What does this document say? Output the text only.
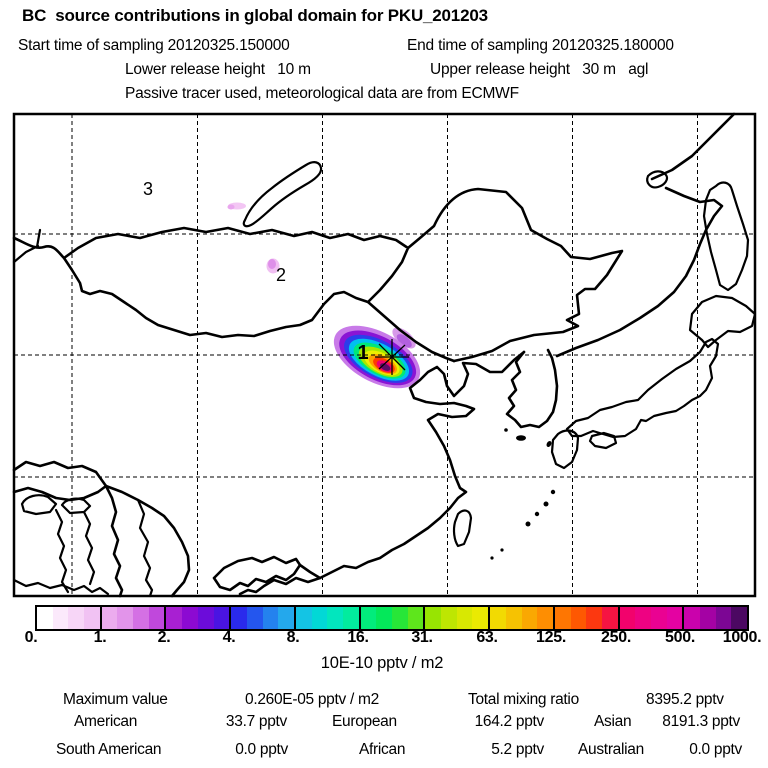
BC  source contributions in global domain for PKU_201203
Start time of sampling 20120325.150000	End time of sampling 20120325.180000
Lower release height   10 m	Upper release height   30 m   agl
Passive tracer used, meteorological data are from ECMWF
1
2
3
0.	1.	2.	4.	8.	16.	31.	63. 125. 250. 500. 1000.
10E-10 pptv / m2
Maximum value	0.260E-05 pptv / m2	Total mixing ratio	8395.2 pptv
American	33.7 pptv	European	164.2 pptv	Asian	8191.3 pptv
South American	0.0 pptv	African	5.2 pptv Australian	0.0 pptv
